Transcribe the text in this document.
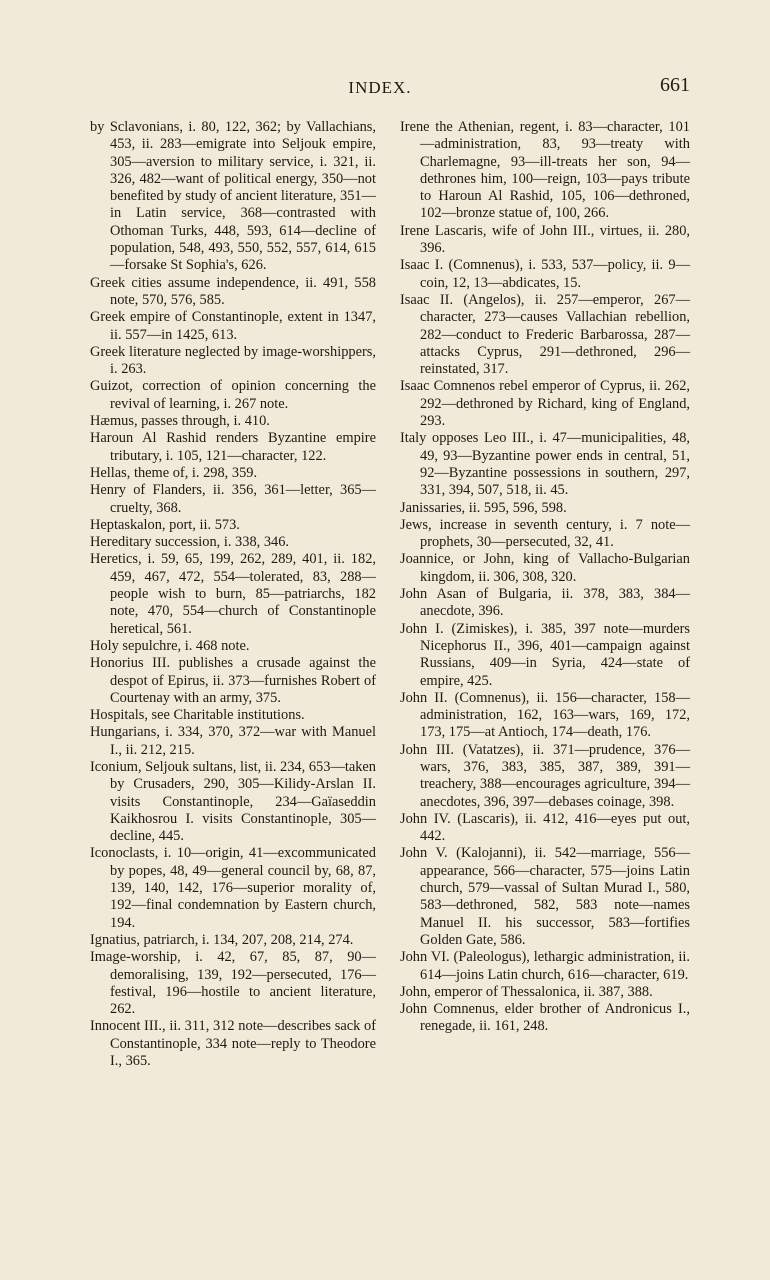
INDEX.	661

by Sclavonians, i. 80, 122, 362; by Vallachians, 453, ii. 283—emigrate into Seljouk empire, 305—aversion to military service, i. 321, ii. 326, 482—want of political energy, 350—not benefited by study of ancient literature, 351—in Latin service, 368—contrasted with Othoman Turks, 448, 593, 614—decline of population, 548, 493, 550, 552, 557, 614, 615—forsake St Sophia's, 626.

Greek cities assume independence, ii. 491, 558 note, 570, 576, 585.

Greek empire of Constantinople, extent in 1347, ii. 557—in 1425, 613.

Greek literature neglected by image-worshippers, i. 263.

Guizot, correction of opinion concerning the revival of learning, i. 267 note.

Hæmus, passes through, i. 410.

Haroun Al Rashid renders Byzantine empire tributary, i. 105, 121—character, 122.

Hellas, theme of, i. 298, 359.

Henry of Flanders, ii. 356, 361—letter, 365—cruelty, 368.

Heptaskalon, port, ii. 573.

Hereditary succession, i. 338, 346.

Heretics, i. 59, 65, 199, 262, 289, 401, ii. 182, 459, 467, 472, 554—tolerated, 83, 288—people wish to burn, 85—patriarchs, 182 note, 470, 554—church of Constantinople heretical, 561.

Holy sepulchre, i. 468 note.

Honorius III. publishes a crusade against the despot of Epirus, ii. 373—furnishes Robert of Courtenay with an army, 375.

Hospitals, see Charitable institutions.

Hungarians, i. 334, 370, 372—war with Manuel I., ii. 212, 215.

Iconium, Seljouk sultans, list, ii. 234, 653—taken by Crusaders, 290, 305—Kilidy-Arslan II. visits Constantinople, 234—Gaïaseddin Kaikhosrou I. visits Constantinople, 305—decline, 445.

Iconoclasts, i. 10—origin, 41—excommunicated by popes, 48, 49—general council by, 68, 87, 139, 140, 142, 176—superior morality of, 192—final condemnation by Eastern church, 194.

Ignatius, patriarch, i. 134, 207, 208, 214, 274.

Image-worship, i. 42, 67, 85, 87, 90—demoralising, 139, 192—persecuted, 176—festival, 196—hostile to ancient literature, 262.

Innocent III., ii. 311, 312 note—describes sack of Constantinople, 334 note—reply to Theodore I., 365.

Irene the Athenian, regent, i. 83—character, 101—administration, 83, 93—treaty with Charlemagne, 93—ill-treats her son, 94—dethrones him, 100—reign, 103—pays tribute to Haroun Al Rashid, 105, 106—dethroned, 102—bronze statue of, 100, 266.

Irene Lascaris, wife of John III., virtues, ii. 280, 396.

Isaac I. (Comnenus), i. 533, 537—policy, ii. 9—coin, 12, 13—abdicates, 15.

Isaac II. (Angelos), ii. 257—emperor, 267—character, 273—causes Vallachian rebellion, 282—conduct to Frederic Barbarossa, 287—attacks Cyprus, 291—dethroned, 296—reinstated, 317.

Isaac Comnenos rebel emperor of Cyprus, ii. 262, 292—dethroned by Richard, king of England, 293.

Italy opposes Leo III., i. 47—municipalities, 48, 49, 93—Byzantine power ends in central, 51, 92—Byzantine possessions in southern, 297, 331, 394, 507, 518, ii. 45.

Janissaries, ii. 595, 596, 598.

Jews, increase in seventh century, i. 7 note—prophets, 30—persecuted, 32, 41.

Joannice, or John, king of Vallacho-Bulgarian kingdom, ii. 306, 308, 320.

John Asan of Bulgaria, ii. 378, 383, 384—anecdote, 396.

John I. (Zimiskes), i. 385, 397 note—murders Nicephorus II., 396, 401—campaign against Russians, 409—in Syria, 424—state of empire, 425.

John II. (Comnenus), ii. 156—character, 158—administration, 162, 163—wars, 169, 172, 173, 175—at Antioch, 174—death, 176.

John III. (Vatatzes), ii. 371—prudence, 376—wars, 376, 383, 385, 387, 389, 391—treachery, 388—encourages agriculture, 394—anecdotes, 396, 397—debases coinage, 398.

John IV. (Lascaris), ii. 412, 416—eyes put out, 442.

John V. (Kalojanni), ii. 542—marriage, 556—appearance, 566—character, 575—joins Latin church, 579—vassal of Sultan Murad I., 580, 583—dethroned, 582, 583 note—names Manuel II. his successor, 583—fortifies Golden Gate, 586.

John VI. (Paleologus), lethargic administration, ii. 614—joins Latin church, 616—character, 619.

John, emperor of Thessalonica, ii. 387, 388.

John Comnenus, elder brother of Andronicus I., renegade, ii. 161, 248.
